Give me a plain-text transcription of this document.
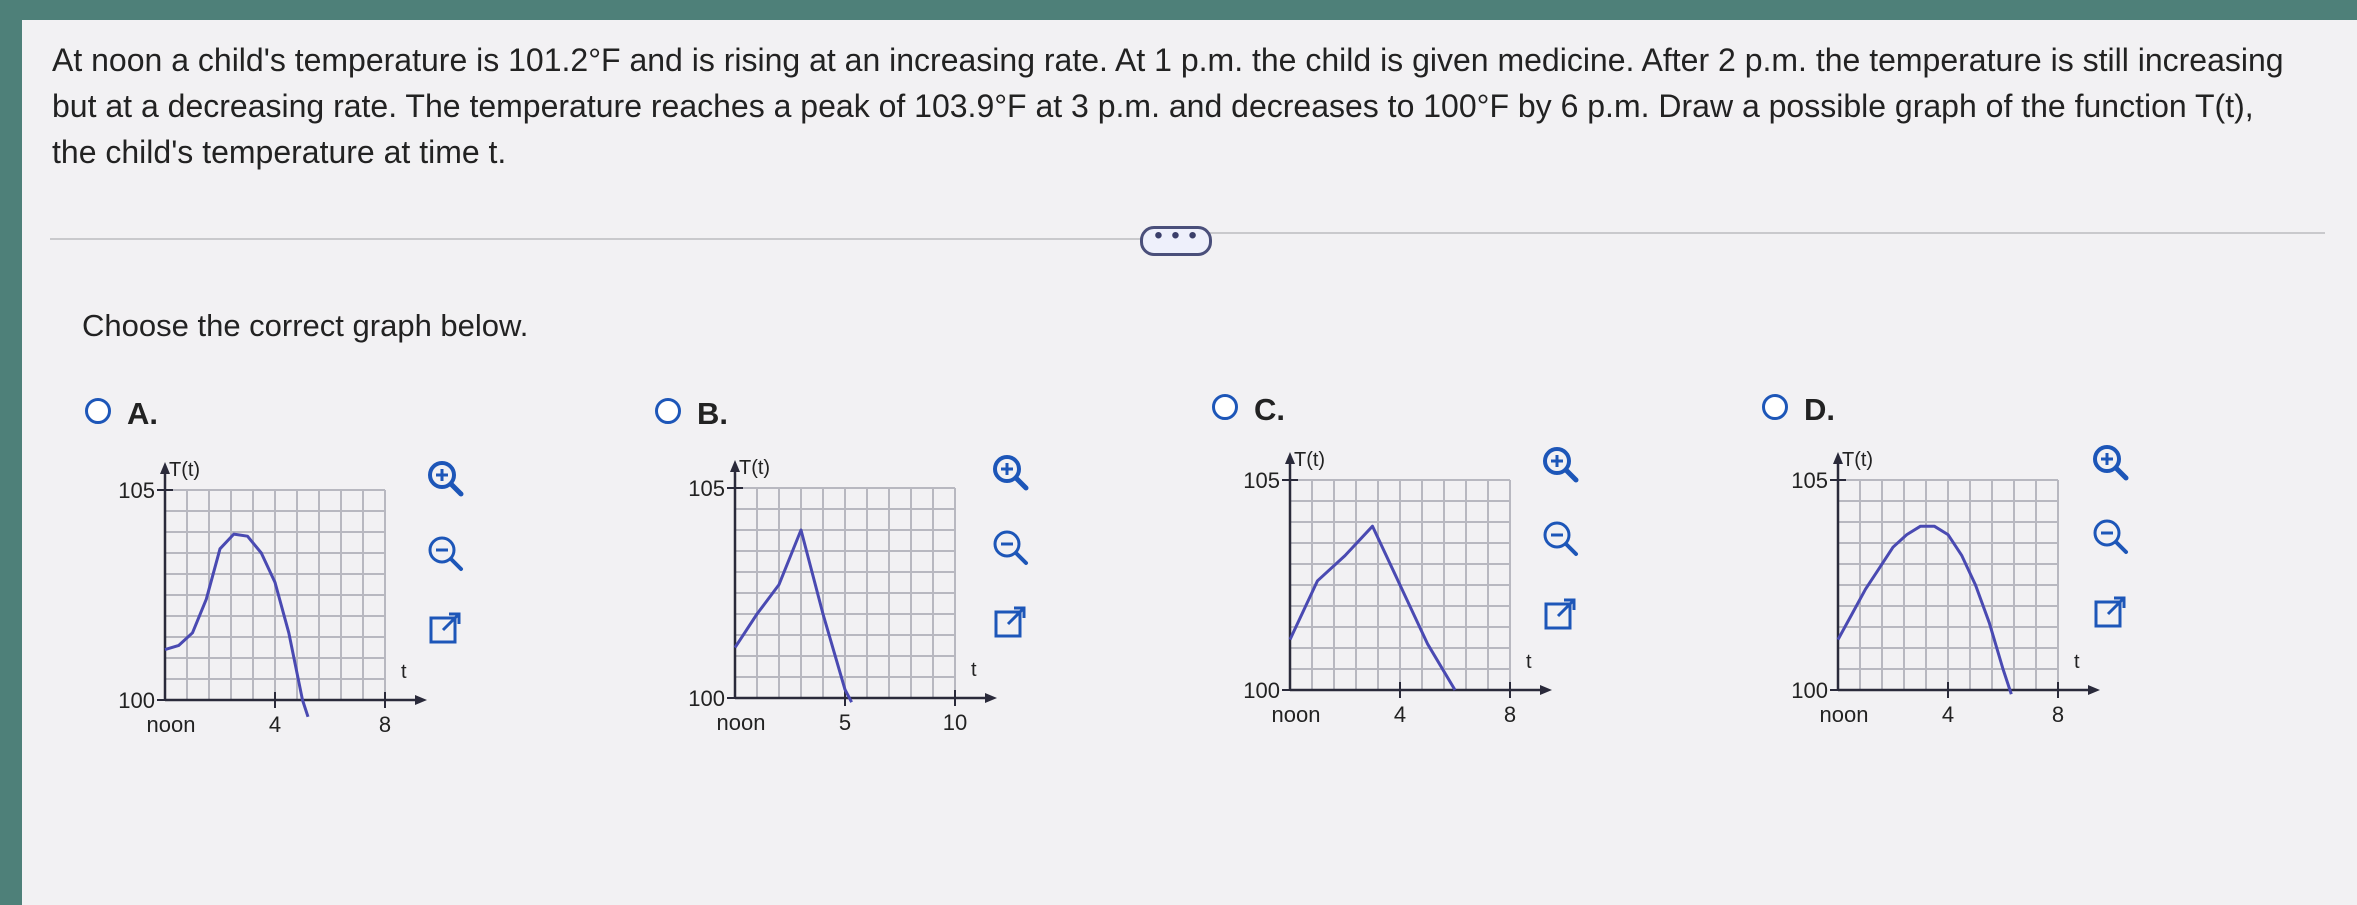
At noon a child's temperature is 101.2°F and is rising at an increasing rate. At 1 p.m. the child is given medicine. After 2 p.m. the temperature is still increasing but at a decreasing rate. The temperature reaches a peak of 103.9°F at 3 p.m. and decreases to 100°F by 6 p.m. Draw a possible graph of the function T(t), the child's temperature at time t.
• • •
Choose the correct graph below.
A.
105
100
T(t)
t
noon	4	8
B.
105
100
T(t)
t
noon	5	10
C.
105
100
T(t)
t
noon	4	8
D.
105
100
T(t)
t
noon	4	8
